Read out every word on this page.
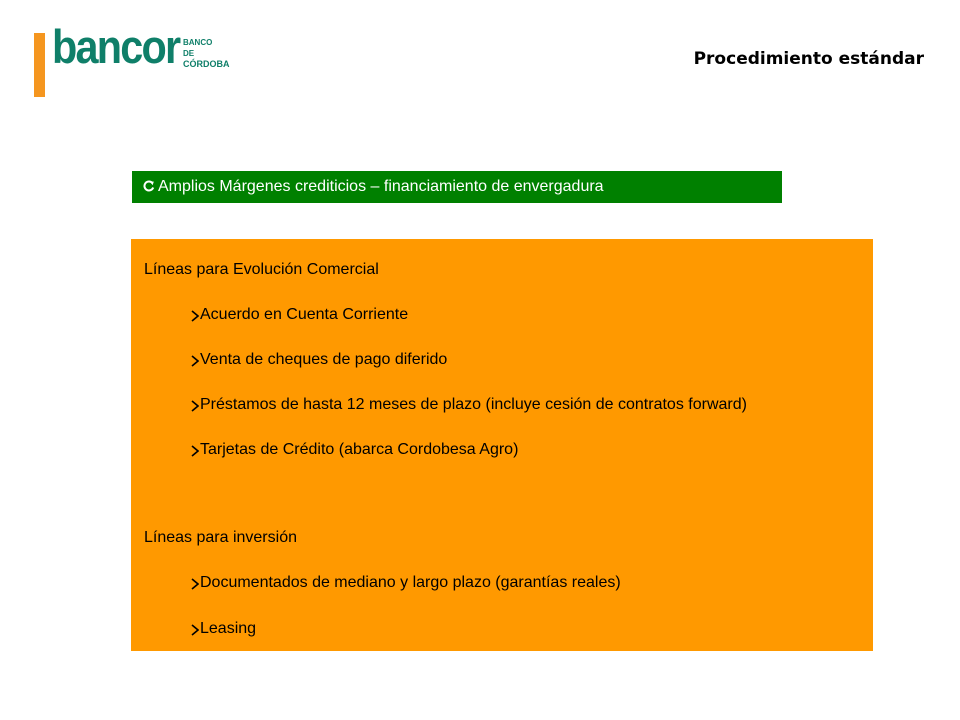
bancor BANCO
DE
CÓRDOBA	Procedimiento estándar
Amplios Márgenes crediticios – financiamiento de envergadura
Líneas para Evolución Comercial
Acuerdo en Cuenta Corriente
Venta de cheques de pago diferido
Préstamos de hasta 12 meses de plazo (incluye cesión de contratos forward)
Tarjetas de Crédito (abarca Cordobesa Agro)
Líneas para inversión
Documentados de mediano y largo plazo (garantías reales)
Leasing
